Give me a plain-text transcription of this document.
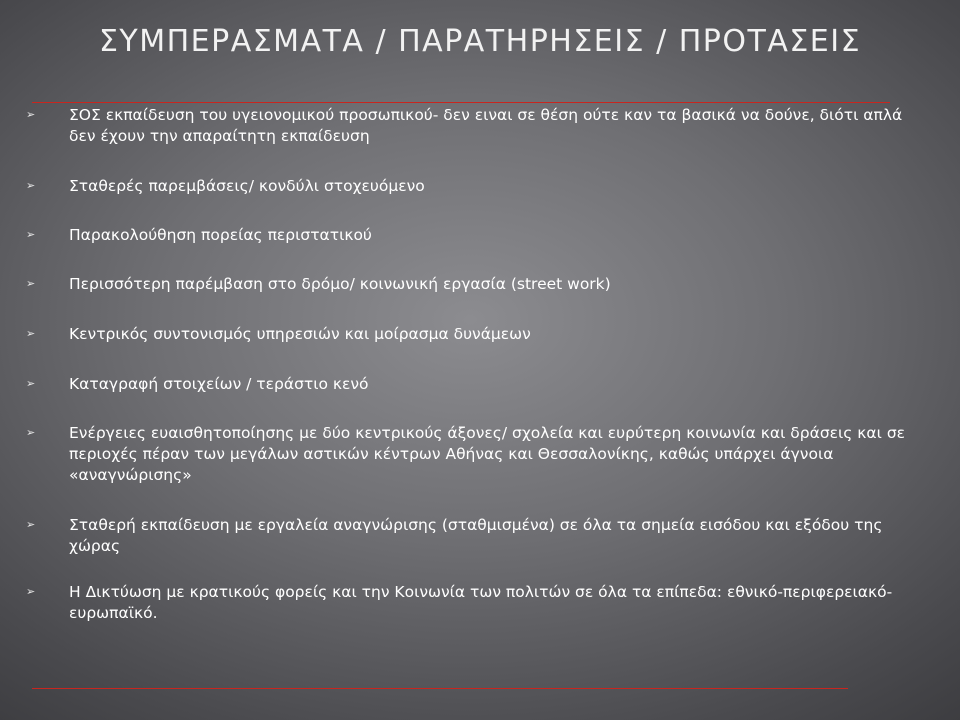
ΣΥΜΠΕΡΑΣΜΑΤΑ / ΠΑΡΑΤΗΡΗΣΕΙΣ / ΠΡΟΤΑΣΕΙΣ
➢ ΣΟΣ εκπαίδευση του υγειονομικού προσωπικού- δεν ειναι σε θέση ούτε καν τα βασικά να δούνε, διότι απλά δεν έχουν την απαραίτητη εκπαίδευση
➢ Σταθερές παρεμβάσεις/ κονδύλι στοχευόμενο
➢ Παρακολούθηση πορείας περιστατικού
➢ Περισσότερη παρέμβαση στο δρόμο/ κοινωνική εργασία (street work)
➢ Κεντρικός συντονισμός υπηρεσιών και μοίρασμα δυνάμεων
➢ Καταγραφή στοιχείων / τεράστιο κενό
➢ Ενέργειες ευαισθητοποίησης με δύο κεντρικούς άξονες/ σχολεία και ευρύτερη κοινωνία και δράσεις και σε περιοχές πέραν των μεγάλων αστικών κέντρων Αθήνας και Θεσσαλονίκης, καθώς υπάρχει άγνοια «αναγνώρισης»
➢ Σταθερή εκπαίδευση με εργαλεία αναγνώρισης (σταθμισμένα) σε όλα τα σημεία εισόδου και εξόδου της χώρας
➢ Η Δικτύωση με κρατικούς φορείς και την Κοινωνία των πολιτών σε όλα τα επίπεδα: εθνικό-περιφερειακό-ευρωπαϊκό.
